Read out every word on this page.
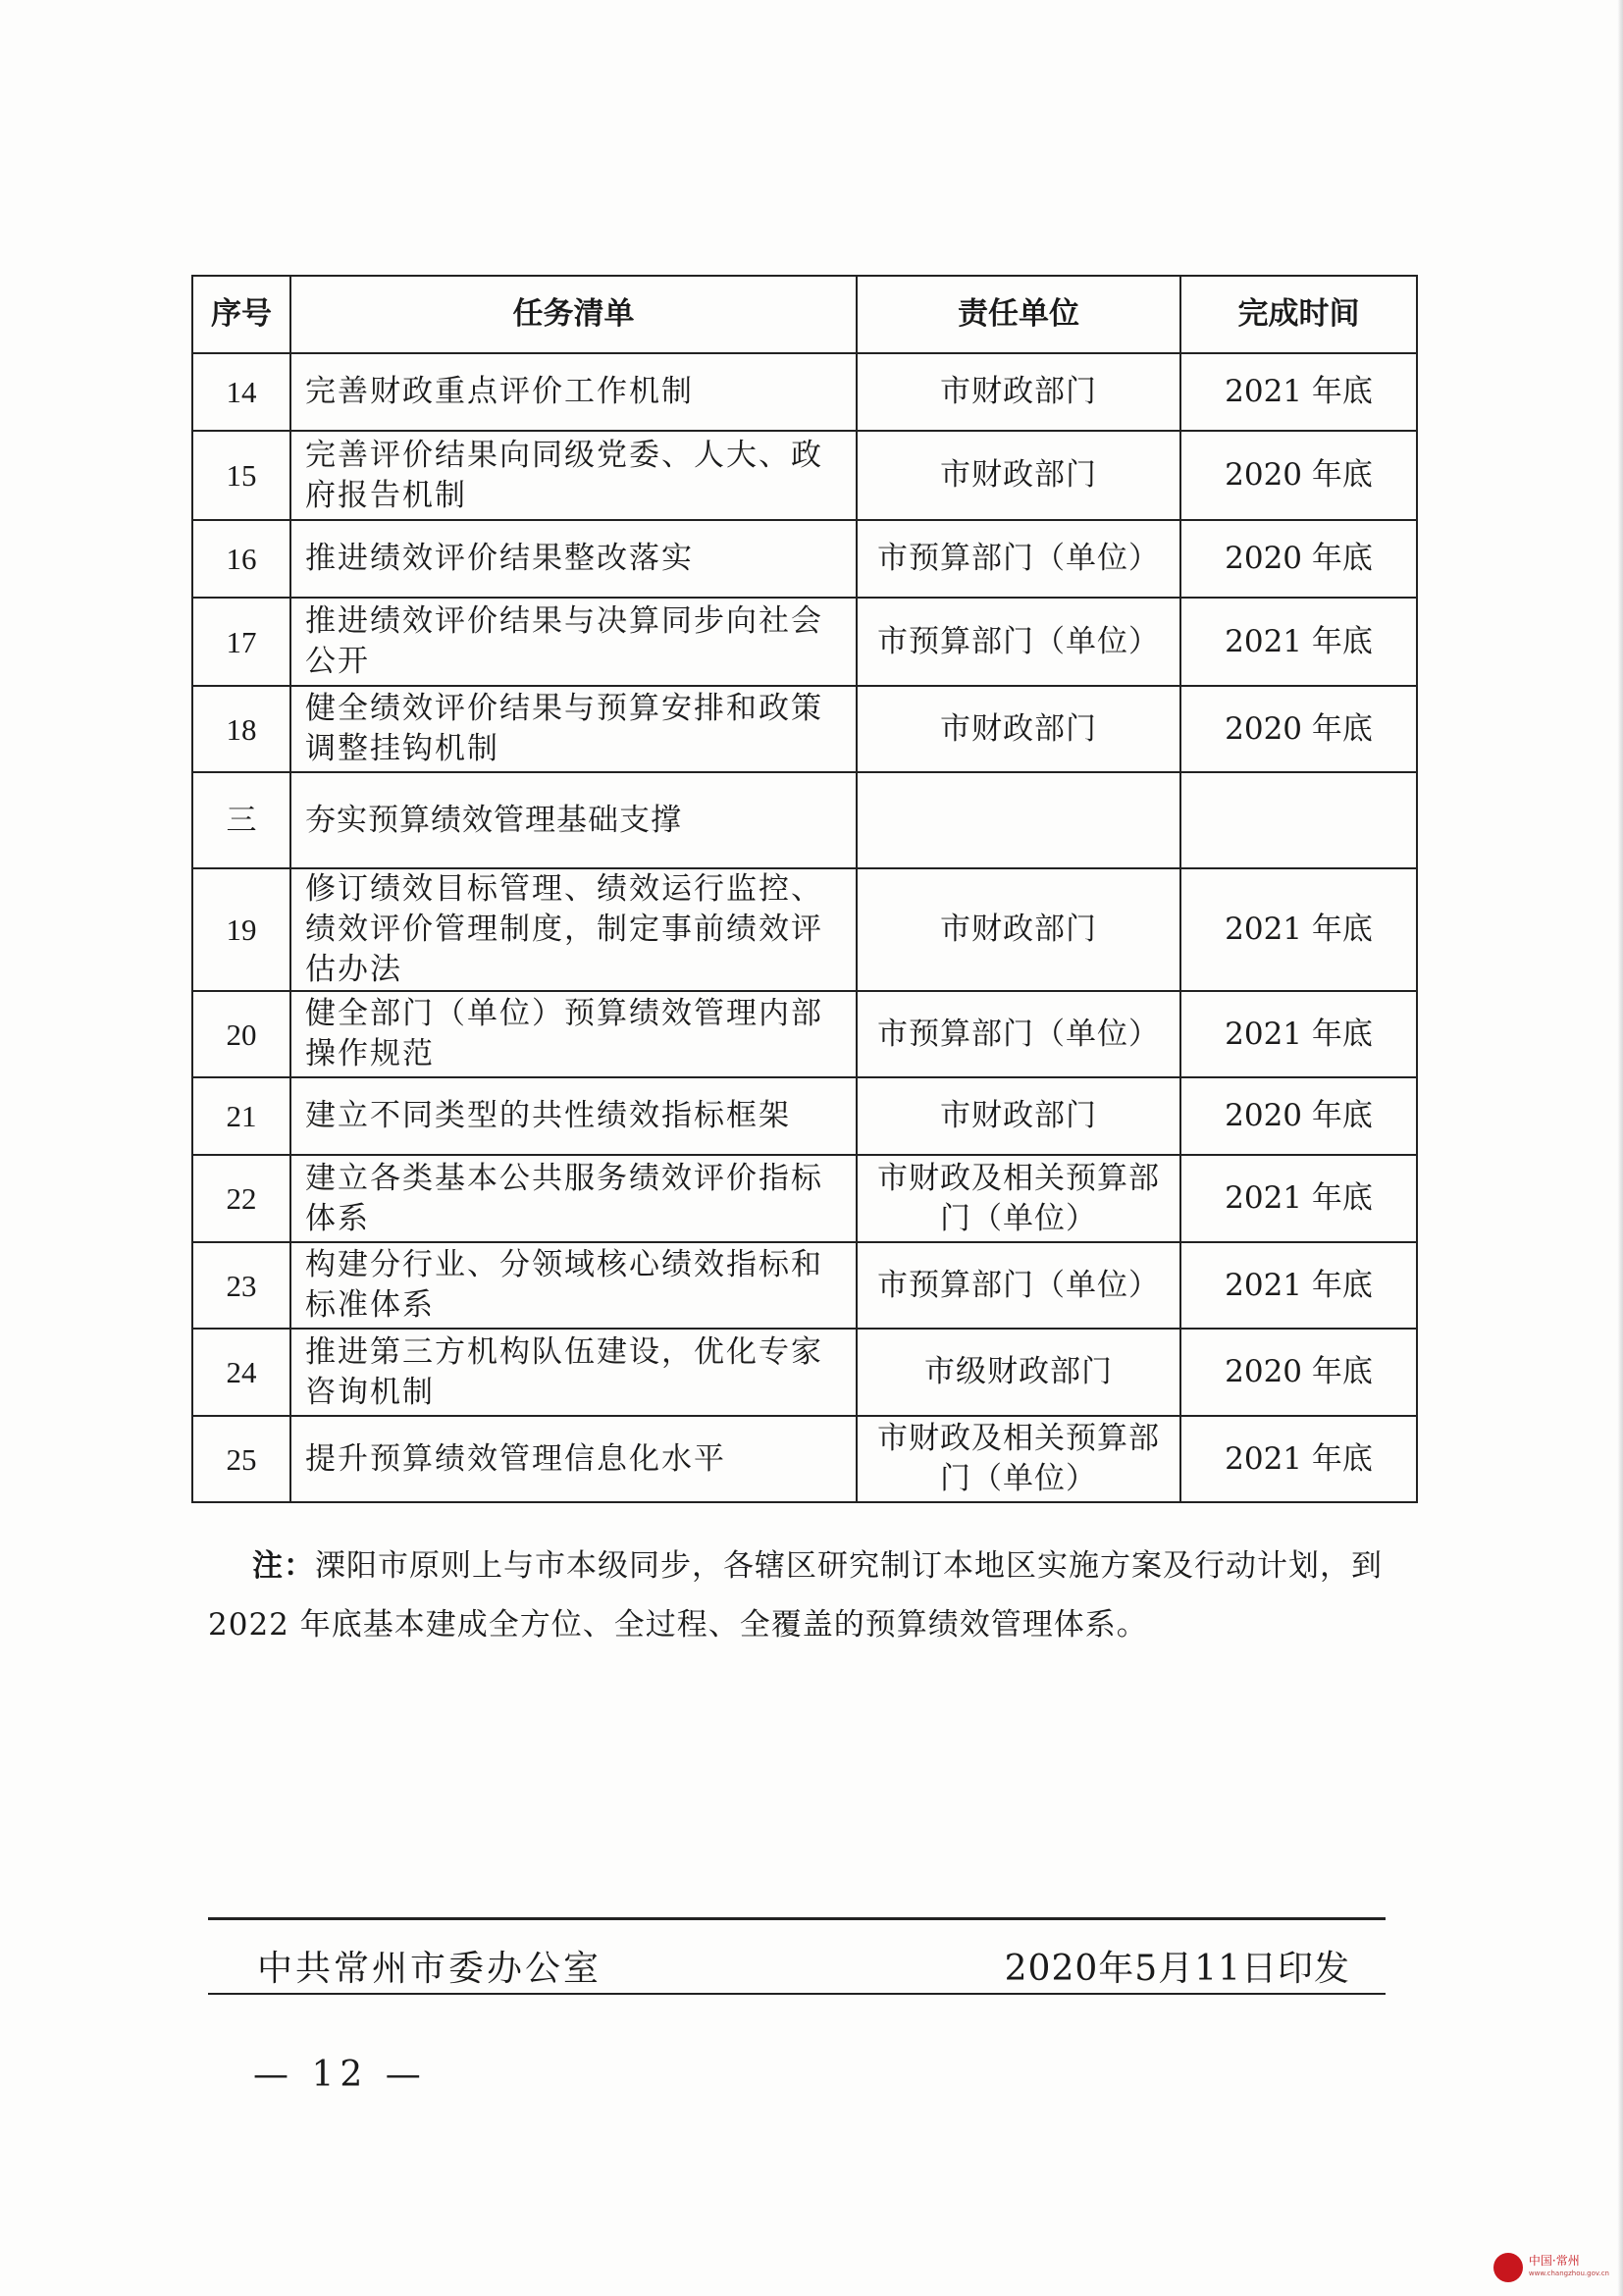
序号	任务清单	责任单位	完成时间
14	完善财政重点评价工作机制	市财政部门	2021 年底
15	完善评价结果向同级党委、人大、政府报告机制	市财政部门	2020 年底
16	推进绩效评价结果整改落实	市预算部门（单位）	2020 年底
17	推进绩效评价结果与决算同步向社会公开	市预算部门（单位）	2021 年底
18	健全绩效评价结果与预算安排和政策调整挂钩机制	市财政部门	2020 年底
三	夯实预算绩效管理基础支撑		
19	修订绩效目标管理、绩效运行监控、绩效评价管理制度，制定事前绩效评估办法	市财政部门	2021 年底
20	健全部门（单位）预算绩效管理内部操作规范	市预算部门（单位）	2021 年底
21	建立不同类型的共性绩效指标框架	市财政部门	2020 年底
22	建立各类基本公共服务绩效评价指标体系	市财政及相关预算部门（单位）	2021 年底
23	构建分行业、分领域核心绩效指标和标准体系	市预算部门（单位）	2021 年底
24	推进第三方机构队伍建设，优化专家咨询机制	市级财政部门	2020 年底
25	提升预算绩效管理信息化水平	市财政及相关预算部门（单位）	2021 年底
注：溧阳市原则上与市本级同步，各辖区研究制订本地区实施方案及行动计划，到2022 年底基本建成全方位、全过程、全覆盖的预算绩效管理体系。
中共常州市委办公室	2020年5月11日印发
— 12 —
中国·常州
www.changzhou.gov.cn
